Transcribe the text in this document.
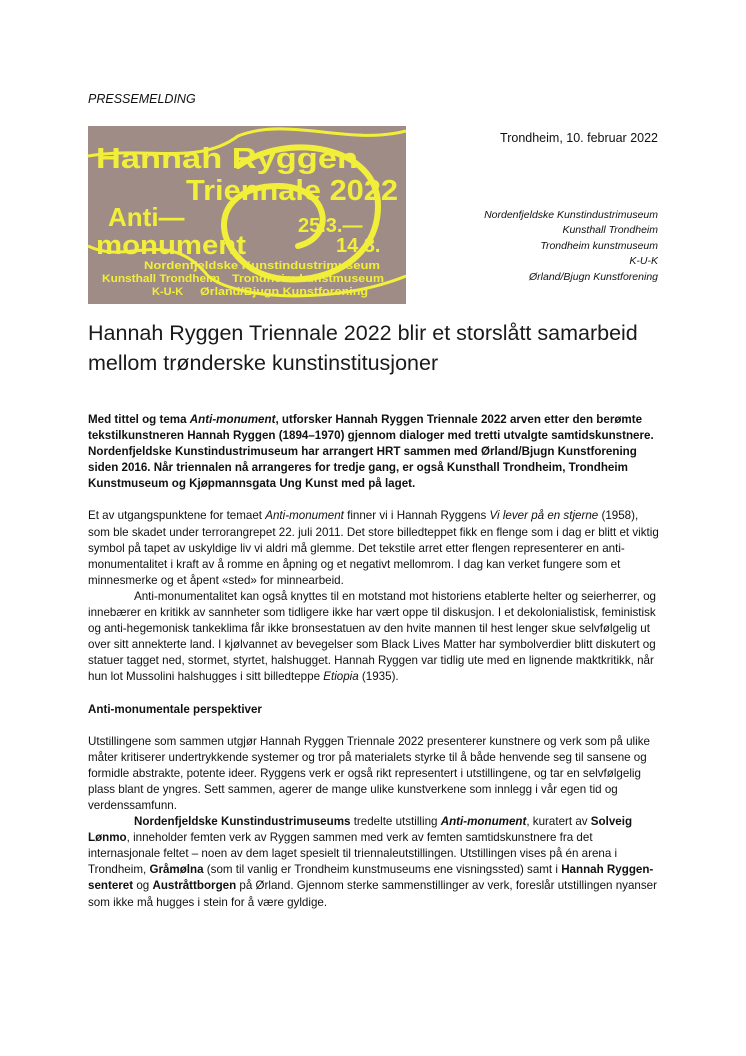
PRESSEMELDING
Hannah Ryggen
Triennale 2022
Anti—
monument
25.3.—
14.8.
Nordenfjeldske Kunstindustrimuseum
Kunsthall Trondheim Trondheim kunstmuseum
K-U-K Ørland/Bjugn Kunstforening
Trondheim, 10. februar 2022
Nordenfjeldske Kunstindustrimuseum
Kunsthall Trondheim
Trondheim kunstmuseum
K-U-K
Ørland/Bjugn Kunstforening
Hannah Ryggen Triennale 2022 blir et storslått samarbeid mellom trønderske kunstinstitusjoner

Med tittel og tema Anti-monument, utforsker Hannah Ryggen Triennale 2022 arven etter den berømte tekstilkunstneren Hannah Ryggen (1894–1970) gjennom dialoger med tretti utvalgte samtidskunstnere. Nordenfjeldske Kunstindustrimuseum har arrangert HRT sammen med Ørland/Bjugn Kunstforening siden 2016. Når triennalen nå arrangeres for tredje gang, er også Kunsthall Trondheim, Trondheim Kunstmuseum og Kjøpmannsgata Ung Kunst med på laget.

Et av utgangspunktene for temaet Anti-monument finner vi i Hannah Ryggens Vi lever på en stjerne (1958), som ble skadet under terrorangrepet 22. juli 2011. Det store billedteppet fikk en flenge som i dag er blitt et viktig symbol på tapet av uskyldige liv vi aldri må glemme. Det tekstile arret etter flengen representerer en anti-monumentalitet i kraft av å romme en åpning og et negativt mellomrom. I dag kan verket fungere som et minnesmerke og et åpent «sted» for minnearbeid.

Anti-monumentalitet kan også knyttes til en motstand mot historiens etablerte helter og seierherrer, og innebærer en kritikk av sannheter som tidligere ikke har vært oppe til diskusjon. I et dekolonialistisk, feministisk og anti-hegemonisk tankeklima får ikke bronsestatuen av den hvite mannen til hest lenger skue selvfølgelig ut over sitt annekterte land. I kjølvannet av bevegelser som Black Lives Matter har symbolverdier blitt diskutert og statuer tagget ned, stormet, styrtet, halshugget. Hannah Ryggen var tidlig ute med en lignende maktkritikk, når hun lot Mussolini halshugges i sitt billedteppe Etiopia (1935).

Anti-monumentale perspektiver

Utstillingene som sammen utgjør Hannah Ryggen Triennale 2022 presenterer kunstnere og verk som på ulike måter kritiserer undertrykkende systemer og tror på materialets styrke til å både henvende seg til sansene og formidle abstrakte, potente ideer. Ryggens verk er også rikt representert i utstillingene, og tar en selvfølgelig plass blant de yngres. Sett sammen, agerer de mange ulike kunstverkene som innlegg i vår egen tid og verdenssamfunn.

Nordenfjeldske Kunstindustrimuseums tredelte utstilling Anti-monument, kuratert av Solveig Lønmo, inneholder femten verk av Ryggen sammen med verk av femten samtidskunstnere fra det internasjonale feltet – noen av dem laget spesielt til triennaleutstillingen. Utstillingen vises på én arena i Trondheim, Gråmølna (som til vanlig er Trondheim kunstmuseums ene visningssted) samt i Hannah Ryggen-senteret og Austråttborgen på Ørland. Gjennom sterke sammenstillinger av verk, foreslår utstillingen nyanser som ikke må hugges i stein for å være gyldige.
